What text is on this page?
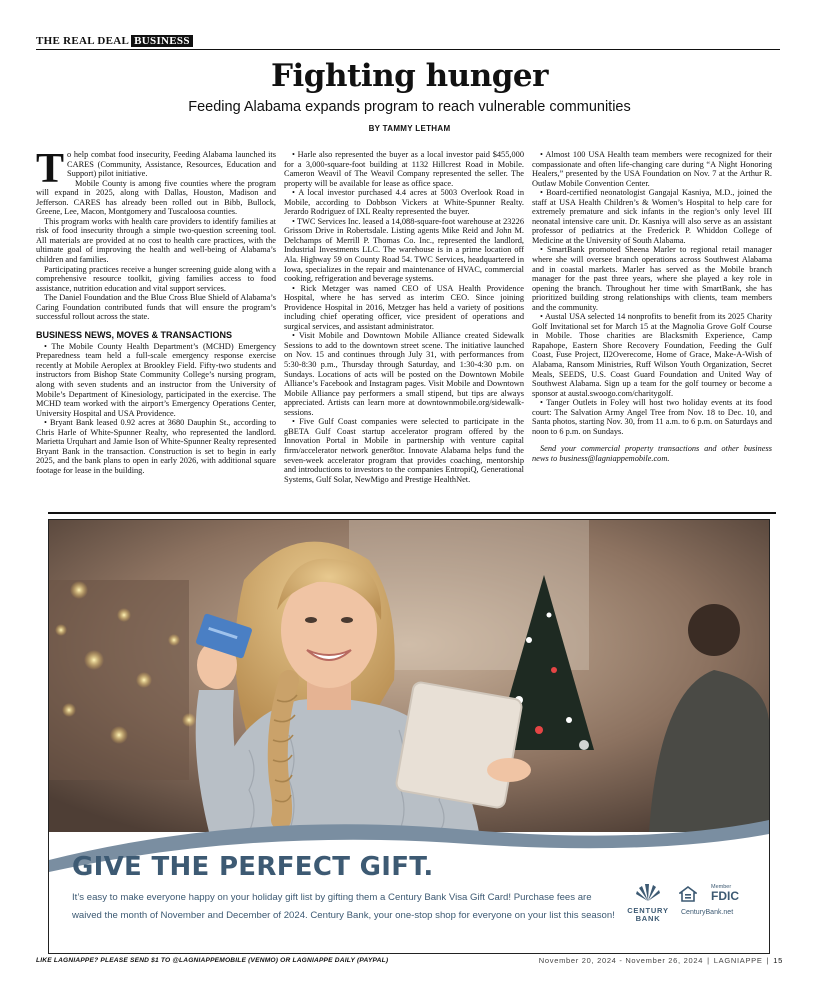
THE REAL DEAL BUSINESS
Fighting hunger
Feeding Alabama expands program to reach vulnerable communities
BY TAMMY LETHAM

To help combat food insecurity, Feeding Alabama launched its CARES (Community, Assistance, Resources, Education and Support) pilot initiative.

Mobile County is among five counties where the program will expand in 2025, along with Dallas, Houston, Madison and Jefferson. CARES has already been rolled out in Bibb, Bullock, Greene, Lee, Macon, Montgomery and Tuscaloosa counties.

This program works with health care providers to identify families at risk of food insecurity through a simple two-question screening tool. All materials are provided at no cost to health care practices, with the ultimate goal of improving the health and well-being of Alabama’s children and families.

Participating practices receive a hunger screening guide along with a comprehensive resource toolkit, giving families access to food assistance, nutrition education and vital support services.

The Daniel Foundation and the Blue Cross Blue Shield of Alabama’s Caring Foundation contributed funds that will ensure the program’s successful rollout across the state.

BUSINESS NEWS, MOVES & TRANSACTIONS

• The Mobile County Health Department’s (MCHD) Emergency Preparedness team held a full-scale emergency response exercise recently at Mobile Aeroplex at Brookley Field. Fifty-two students and instructors from Bishop State Community College’s nursing program, along with seven students and an instructor from the University of Mobile’s Department of Kinesiology, participated in the exercise. The MCHD team worked with the airport’s Emergency Operations Center, University Hospital and USA Providence.

• Bryant Bank leased 0.92 acres at 3680 Dauphin St., according to Chris Harle of White-Spunner Realty, who represented the landlord. Marietta Urquhart and Jamie Ison of White-Spunner Realty represented Bryant Bank in the transaction. Construction is set to begin in early 2025, and the bank plans to open in early 2026, with additional square footage for lease in the building.

• Harle also represented the buyer as a local investor paid $455,000 for a 3,000-square-foot building at 1132 Hillcrest Road in Mobile. Cameron Weavil of The Weavil Company represented the seller. The property will be available for lease as office space.

• A local investor purchased 4.4 acres at 5003 Overlook Road in Mobile, according to Dobbson Vickers at White-Spunner Realty. Jerardo Rodriguez of IXL Realty represented the buyer.

• TWC Services Inc. leased a 14,088-square-foot warehouse at 23226 Grissom Drive in Robertsdale. Listing agents Mike Reid and John M. Delchamps of Merrill P. Thomas Co. Inc., represented the landlord, Industrial Investments LLC. The warehouse is in a prime location off Ala. Highway 59 on County Road 54. TWC Services, headquartered in Iowa, specializes in the repair and maintenance of HVAC, commercial cooking, refrigeration and beverage systems.

• Rick Metzger was named CEO of USA Health Providence Hospital, where he has served as interim CEO. Since joining Providence Hospital in 2016, Metzger has held a variety of positions including chief operating officer, vice president of operations and surgical services, and assistant administrator.

• Visit Mobile and Downtown Mobile Alliance created Sidewalk Sessions to add to the downtown street scene. The initiative launched on Nov. 15 and continues through July 31, with performances from 5:30-8:30 p.m., Thursday through Saturday, and 1:30-4:30 p.m. on Sundays. Locations of acts will be posted on the Downtown Mobile Alliance’s Facebook and Instagram pages. Visit Mobile and Downtown Mobile Alliance pay performers a small stipend, but tips are always appreciated. Artists can learn more at downtownmobile.org/sidewalk-sessions.

• Five Gulf Coast companies were selected to participate in the gBETA Gulf Coast startup accelerator program offered by the Innovation Portal in Mobile in partnership with venture capital firm/accelerator network gener8tor. Innovate Alabama helps fund the seven-week accelerator program that provides coaching, mentorship and introductions to investors to the companies EntropiQ, Generational Systems, Gulf Solar, NewMigo and Prestige HealthNet.

• Almost 100 USA Health team members were recognized for their compassionate and often life-changing care during “A Night Honoring Healers,” presented by the USA Foundation on Nov. 7 at the Arthur R. Outlaw Mobile Convention Center.

• Board-certified neonatologist Gangajal Kasniya, M.D., joined the staff at USA Health Children’s & Women’s Hospital to help care for extremely premature and sick infants in the region’s only level III neonatal intensive care unit. Dr. Kasniya will also serve as an assistant professor of pediatrics at the Frederick P. Whiddon College of Medicine at the University of South Alabama.

• SmartBank promoted Sheena Marler to regional retail manager where she will oversee branch operations across Southwest Alabama and in coastal markets. Marler has served as the Mobile branch manager for the past three years, where she played a key role in opening the branch. Throughout her time with SmartBank, she has prioritized building strong relationships with clients, team members and the community.

• Austal USA selected 14 nonprofits to benefit from its 2025 Charity Golf Invitational set for March 15 at the Magnolia Grove Golf Course in Mobile. Those charities are Blacksmith Experience, Camp Rapahope, Eastern Shore Recovery Foundation, Feeding the Gulf Coast, Fuse Project, II2Overecome, Home of Grace, Make-A-Wish of Alabama, Ransom Ministries, Ruff Wilson Youth Organization, Secret Meals, SEEDS, U.S. Coast Guard Foundation and United Way of Southwest Alabama. Sign up a team for the golf tourney or become a sponsor at austal.swoogo.com/charitygolf.

• Tanger Outlets in Foley will host two holiday events at its food court: The Salvation Army Angel Tree from Nov. 18 to Dec. 10, and Santa photos, starting Nov. 30, from 11 a.m. to 6 p.m. on Saturdays and noon to 6 p.m. on Sundays.

Send your commercial property transactions and other business news to business@lagniappemobile.com.

GIVE THE PERFECT GIFT.
It’s easy to make everyone happy on your holiday gift list by gifting them a Century Bank Visa Gift Card! Purchase fees are
waived the month of November and December of 2024. Century Bank, your one-stop shop for everyone on your list this season!	CENTURY
BANK
Member
FDIC
CenturyBank.net
LIKE LAGNIAPPE? PLEASE SEND $1 TO @LAGNIAPPEMOBILE (VENMO) OR LAGNIAPPE DAILY (PAYPAL)	November 20, 2024 - November 26, 2024 | LAGNIAPPE | 15
